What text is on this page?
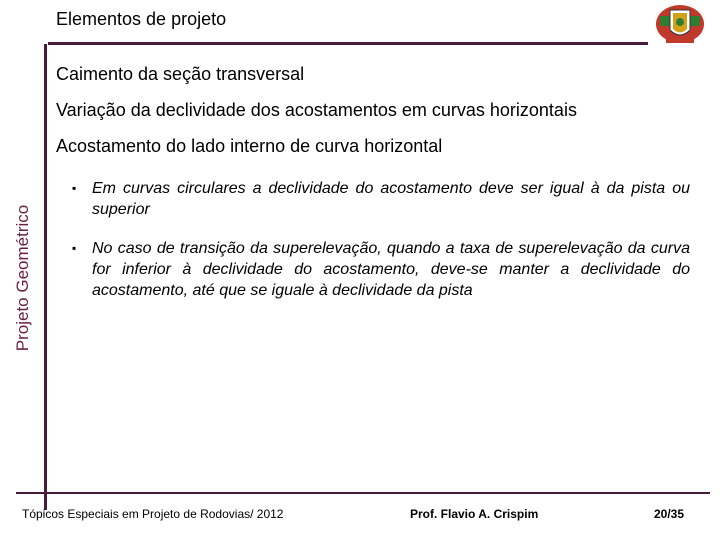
Elementos de projeto
Projeto Geométrico
Caimento da seção transversal
Variação da declividade dos acostamentos em curvas horizontais
Acostamento do lado interno de curva horizontal
▪ Em curvas circulares a declividade do acostamento deve ser igual à da pista ou superior
▪ No caso de transição da superelevação, quando a taxa de superelevação da curva for inferior à declividade do acostamento, deve-se manter a declividade do acostamento, até que se iguale à declividade da pista
Tópicos Especiais em Projeto de Rodovias/ 2012	Prof. Flavio A. Crispim	20/35
